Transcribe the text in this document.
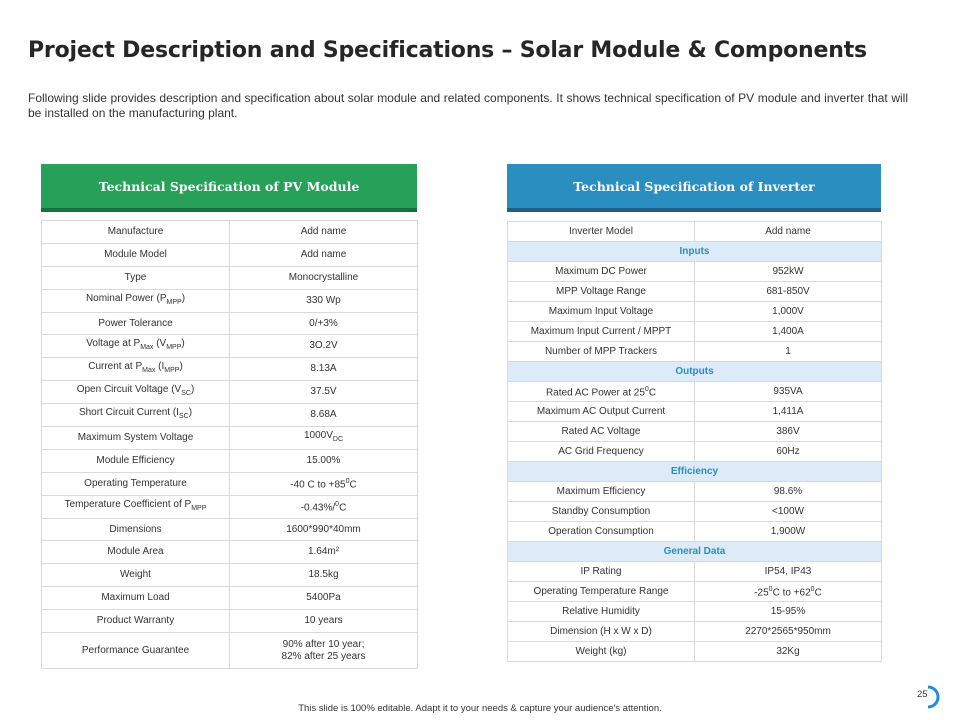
Project Description and Specifications – Solar Module & Components
Following slide provides description and specification about solar module and related components. It shows technical specification of PV module and inverter that will be installed on the manufacturing plant.
Technical Specification of PV Module
Manufacture	Add name
Module Model	Add name
Type	Monocrystalline
Nominal Power $(P_{MPP})$	330 Wp
Power Tolerance	0/+3%
Voltage at $P_{Max}$ $(V_{MPP})$	3O.2V
Current at $P_{Max}$ $(I_{MPP})$	8.13A
Open Circuit Voltage $(V_{SC})$	37.5V
Short Circuit Current $(I_{SC})$	8.68A
Maximum System Voltage	$1000V_{DC}$
Module Efficiency	15.00%
Operating Temperature	-40 C to $+85^0C$
Temperature Coefficient of $P_{MPP}$	-0.43%/$^0$C
Dimensions	1600*990*40mm
Module Area	1.64m²
Weight	18.5kg
Maximum Load	5400Pa
Product Warranty	10 years
Performance Guarantee	90% after 10 year;
82% after 25 years
Technical Specification of Inverter
Inverter Model	Add name
Inputs	
Maximum DC Power	952kW
MPP Voltage Range	681-850V
Maximum Input Voltage	1,000V
Maximum Input Current / MPPT	1,400A
Number of MPP Trackers	1
Outputs	
Rated AC Power at $25^0C$	935VA
Maximum AC Output Current	1,411A
Rated AC Voltage	386V
AC Grid Frequency	60Hz
Efficiency	
Maximum Efficiency	98.6%
Standby Consumption	<100W
Operation Consumption	1,900W
General Data	
IP Rating	IP54, IP43
Operating Temperature Range	$-25^0C$ to $+62^0C$
Relative Humidity	15-95%
Dimension (H x W x D)	2270*2565*950mm
Weight (kg)	32Kg
This slide is 100% editable. Adapt it to your needs & capture your audience's attention.
25
